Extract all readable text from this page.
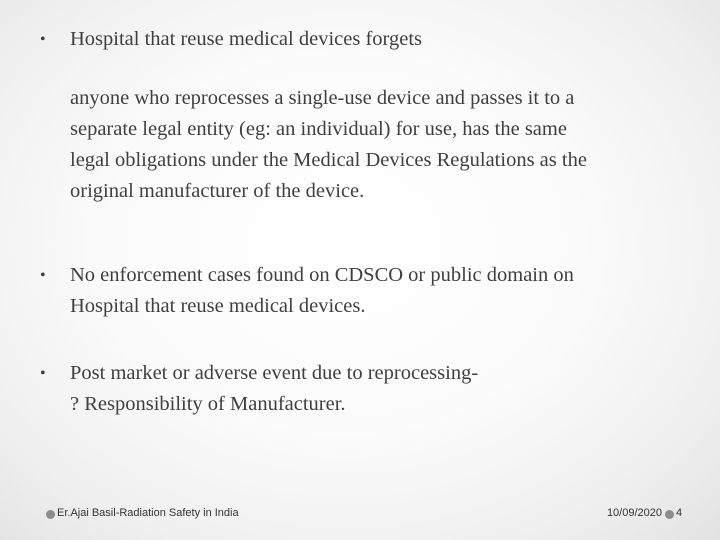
•	Hospital that reuse medical devices forgets
anyone who reprocesses a single-use device and passes it to a
separate legal entity (eg: an individual) for use, has the same
legal obligations under the Medical Devices Regulations as the
original manufacturer of the device.
•	No enforcement cases found on CDSCO or public domain on
Hospital that reuse medical devices.
•	Post market or adverse event due to reprocessing-
? Responsibility of Manufacturer.
Er.Ajai Basil-Radiation Safety in India	10/09/2020 4
